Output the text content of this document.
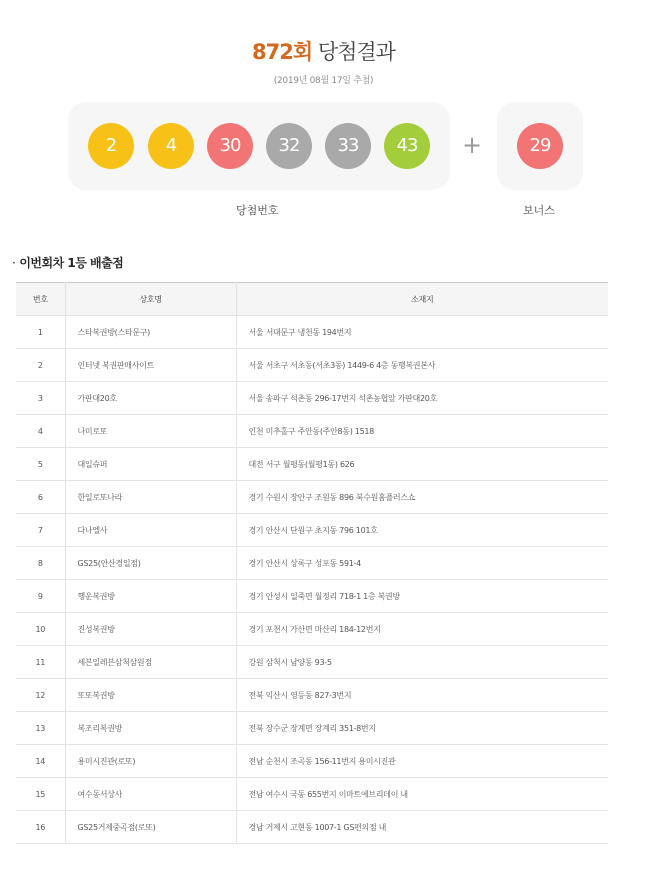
872회 당첨결과
(2019년 08월 17일 추첨)
2	4	30	32	33	43	+	29
당첨번호	보너스
· 이번회차 1등 배출점
번호	상호명	소재지
1	스타복권방(스타문구)	서울 서대문구 냉천동 194번지
2	인터넷 복권판매사이트	서울 서초구 서초동(서초3동) 1449-6 4층 동행복권본사
3	가판대20호	서울 송파구 석촌동 296-17번지 석촌농협앞 가판대20호
4	나미로또	인천 미추홀구 주안동(주안8동) 1518
5	대일슈퍼	대전 서구 월평동(월평1동) 626
6	한일로또나라	경기 수원시 장안구 조원동 896 북수원홈플러스쇼
7	다나엘사	경기 안산시 단원구 초지동 796 101호
8	GS25(안산경일점)	경기 안산시 상록구 성포동 591-4
9	행운복권방	경기 안성시 일죽면 월정리 718-1 1층 복권방
10	진성복권방	경기 포천시 가산면 마산리 184-12번지
11	세븐일레븐삼척삼원점	강원 삼척시 남양동 93-5
12	또또복권방	전북 익산시 영등동 827-3번지
13	복조리복권방	전북 장수군 장계면 장계리 351-8번지
14	용미시진관(로또)	전남 순천시 조곡동 156-11번지 용미시진관
15	여수동서상사	전남 여수시 국동 655번지 이마트에브리데이 내
16	GS25거제중곡점(로또)	경남 거제시 고현동 1007-1 GS편의점 내
